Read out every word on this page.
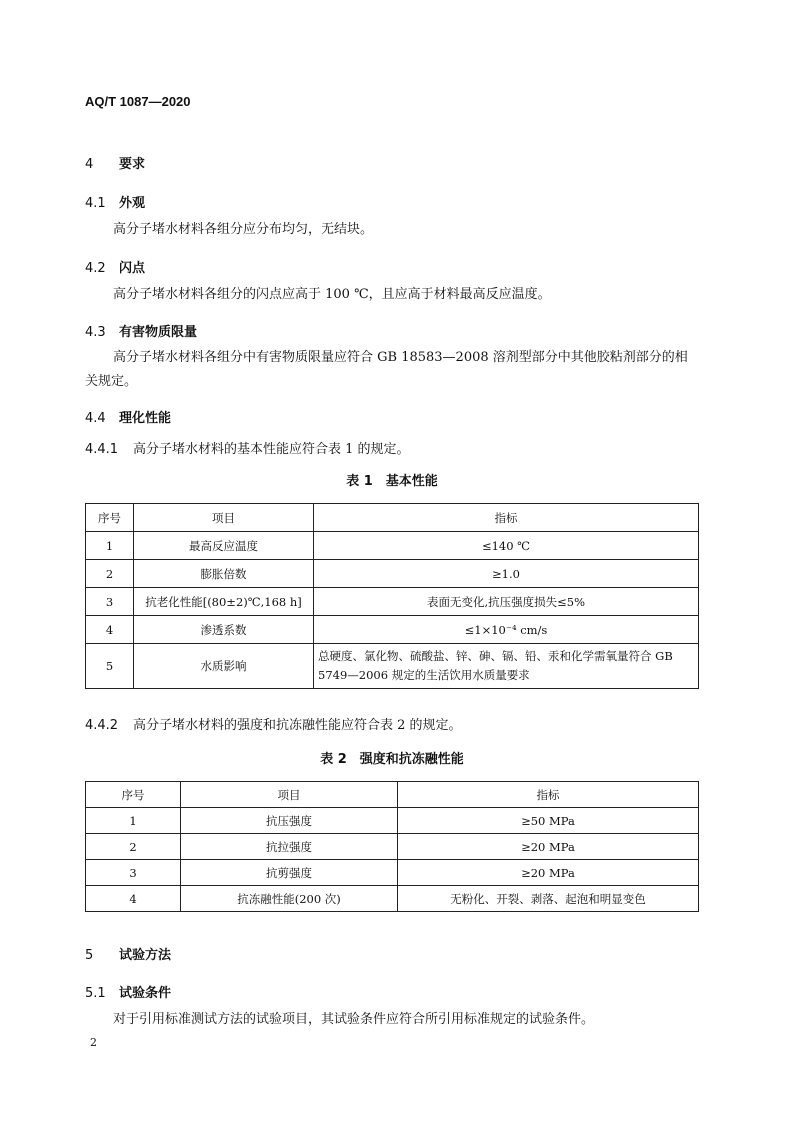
AQ/T 1087—2020
4 要求
4.1 外观
高分子堵水材料各组分应分布均匀，无结块。
4.2 闪点
高分子堵水材料各组分的闪点应高于 100 ℃，且应高于材料最高反应温度。
4.3 有害物质限量
高分子堵水材料各组分中有害物质限量应符合 GB 18583—2008 溶剂型部分中其他胶粘剂部分的相关规定。
4.4 理化性能
4.4.1 高分子堵水材料的基本性能应符合表 1 的规定。
表 1　基本性能
序号	项目	指标
1	最高反应温度	≤140 ℃
2	膨胀倍数	≥1.0
3	抗老化性能[(80±2)℃,168 h]	表面无变化,抗压强度损失≤5%
4	渗透系数	≤1×10⁻⁴ cm/s
5	水质影响	总硬度、氯化物、硫酸盐、锌、砷、镉、铅、汞和化学需氧量符合 GB 5749—2006 规定的生活饮用水质量要求
4.4.2 高分子堵水材料的强度和抗冻融性能应符合表 2 的规定。
表 2　强度和抗冻融性能
序号	项目	指标
1	抗压强度	≥50 MPa
2	抗拉强度	≥20 MPa
3	抗剪强度	≥20 MPa
4	抗冻融性能(200 次)	无粉化、开裂、剥落、起泡和明显变色
5 试验方法
5.1 试验条件
对于引用标准测试方法的试验项目，其试验条件应符合所引用标准规定的试验条件。
2
